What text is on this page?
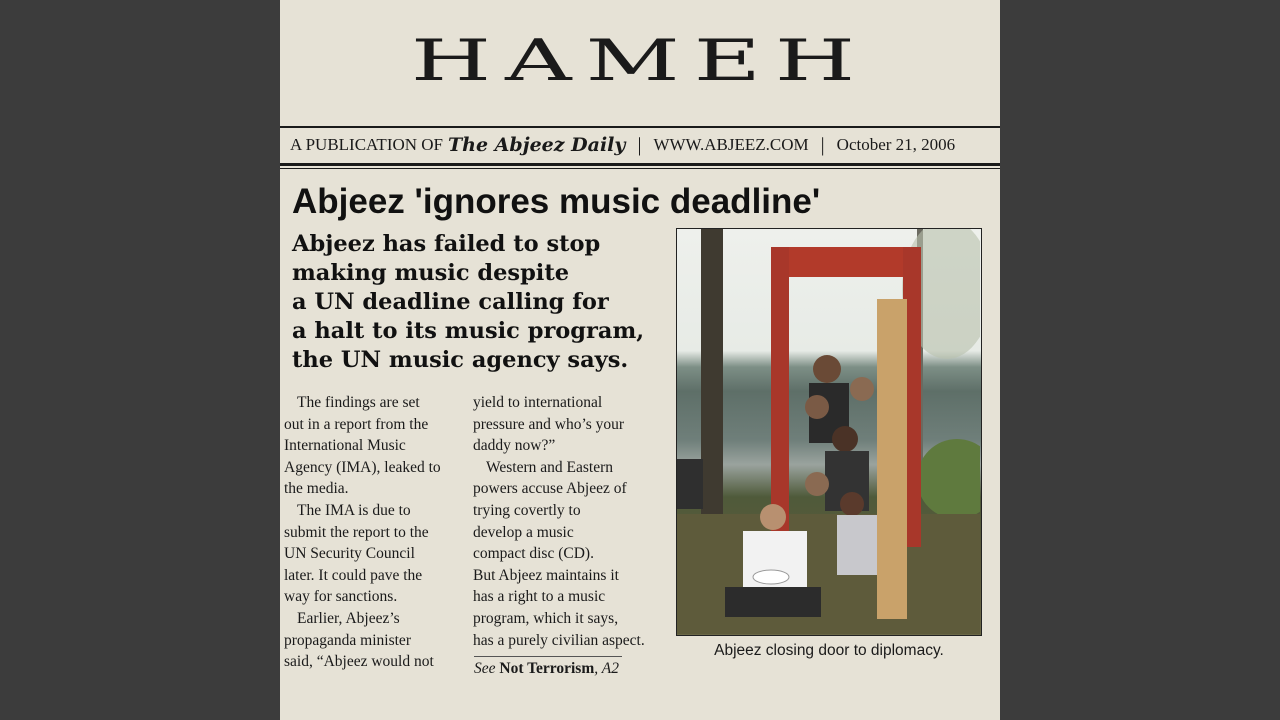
HAMEH
A PUBLICATION OF The Abjeez Daily | WWW.ABJEEZ.COM | October 21, 2006
Abjeez 'ignores music deadline'
Abjeez has failed to stop
making music despite
a UN deadline calling for
a halt to its music program,
the UN music agency says.
The findings are set
out in a report from the
International Music
Agency (IMA), leaked to
the media.
The IMA is due to
submit the report to the
UN Security Council
later. It could pave the
way for sanctions.
Earlier, Abjeez’s
propaganda minister
said, “Abjeez would not
yield to international
pressure and who’s your
daddy now?”
Western and Eastern
powers accuse Abjeez of
trying covertly to
develop a music
compact disc (CD).
But Abjeez maintains it
has a right to a music
program, which it says,
has a purely civilian aspect.
See Not Terrorism, A2
Abjeez closing door to diplomacy.
